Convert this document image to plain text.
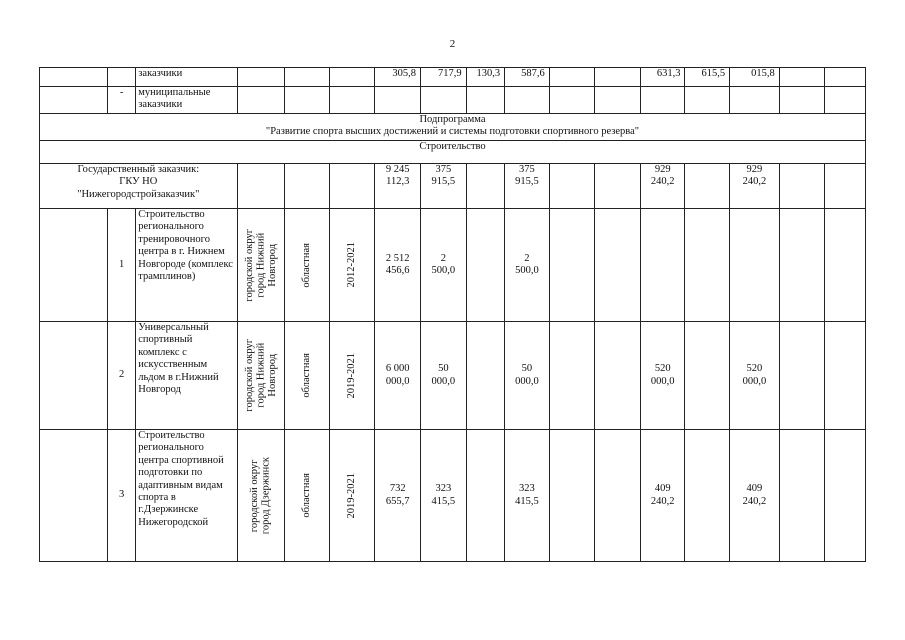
2
		заказчики				305,8	717,9	130,3	587,6			631,3	615,5	015,8		
	-	муниципальные
заказчики														

Подпрограмма
"Развитие спорта высших достижений и системы подготовки спортивного резерва"																

Строительство																
Государственный заказчик:
ГКУ НО
"Нижегородстройзаказчик"						9 245
112,3	375
915,5		375
915,5			929
240,2		929
240,2		
	1	Строительство регионального тренировочного центра в г. Нижнем Новгороде (комплекс трамплинов)	городской округ
город Нижний
Новгород	областная	2012-2021	2 512
456,6	2
500,0		2
500,0							
	2	Универсальный спортивный комплекс с искусственным льдом в г.Нижний Новгород	городской округ
город Нижний
Новгород	областная	2019-2021	6 000
000,0	50
000,0		50
000,0			520
000,0		520
000,0		
	3	Строительство регионального центра спортивной подготовки по адаптивным видам спорта в г.Дзержинске Нижегородской	городской округ
город Дзержинск	областная	2019-2021	732
655,7	323
415,5		323
415,5			409
240,2		409
240,2		
